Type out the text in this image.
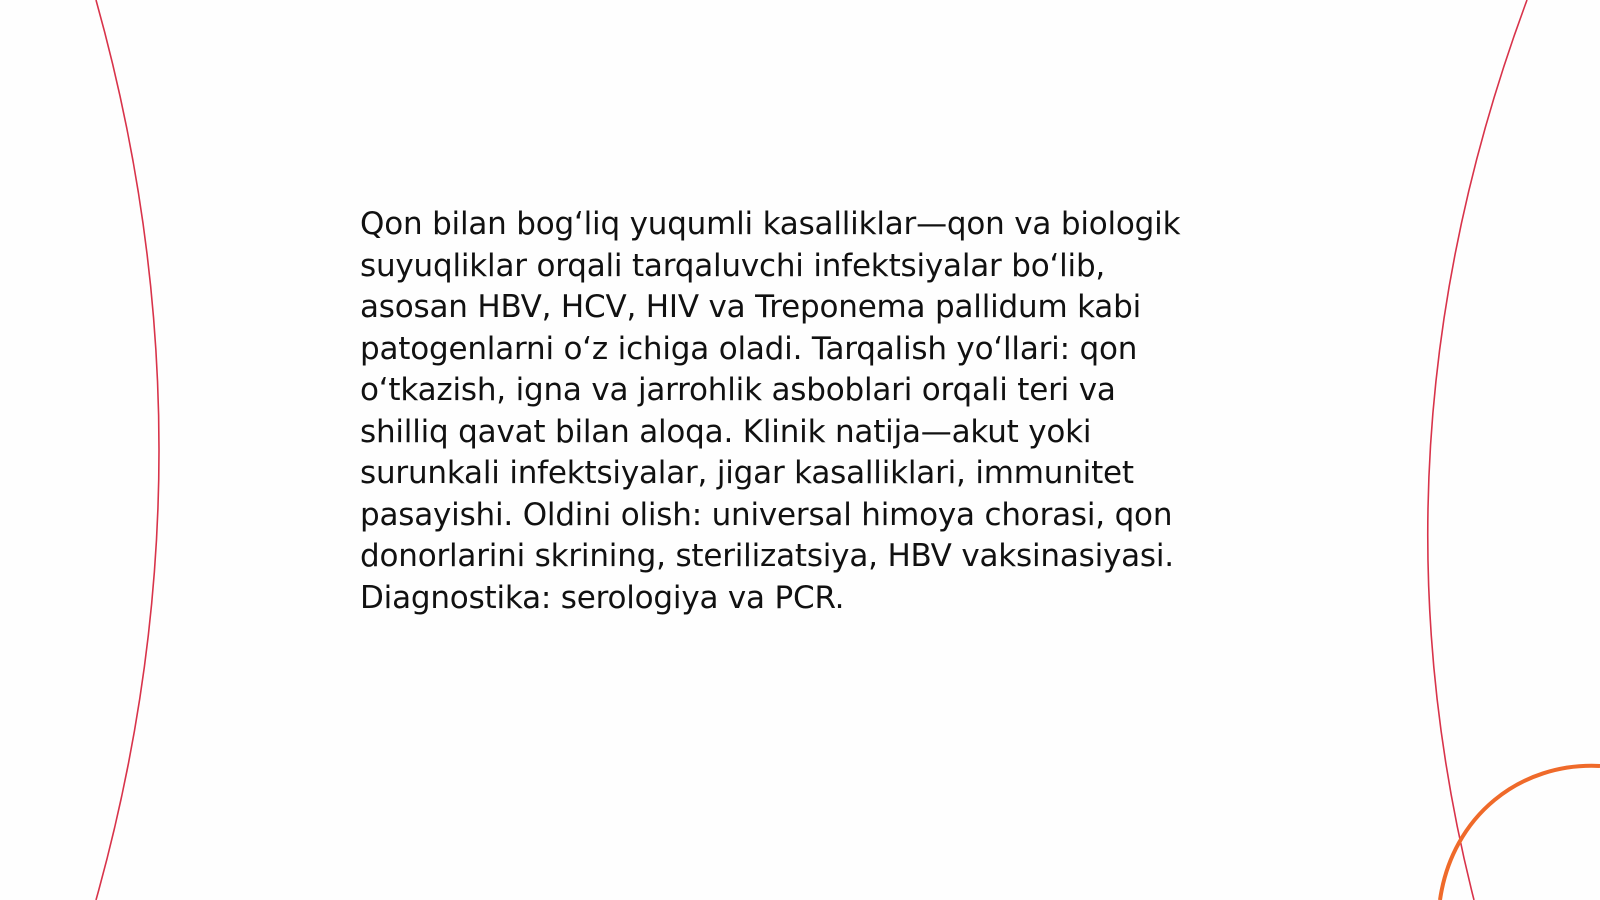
Qon bilan bog‘liq yuqumli kasalliklar—qon va biologik
suyuqliklar orqali tarqaluvchi infektsiyalar bo‘lib,
asosan HBV, HCV, HIV va Treponema pallidum kabi
patogenlarni o‘z ichiga oladi. Tarqalish yo‘llari: qon
o‘tkazish, igna va jarrohlik asboblari orqali teri va
shilliq qavat bilan aloqa. Klinik natija—akut yoki
surunkali infektsiyalar, jigar kasalliklari, immunitet
pasayishi. Oldini olish: universal himoya chorasi, qon
donorlarini skrining, sterilizatsiya, HBV vaksinasiyasi.
Diagnostika: serologiya va PCR.
